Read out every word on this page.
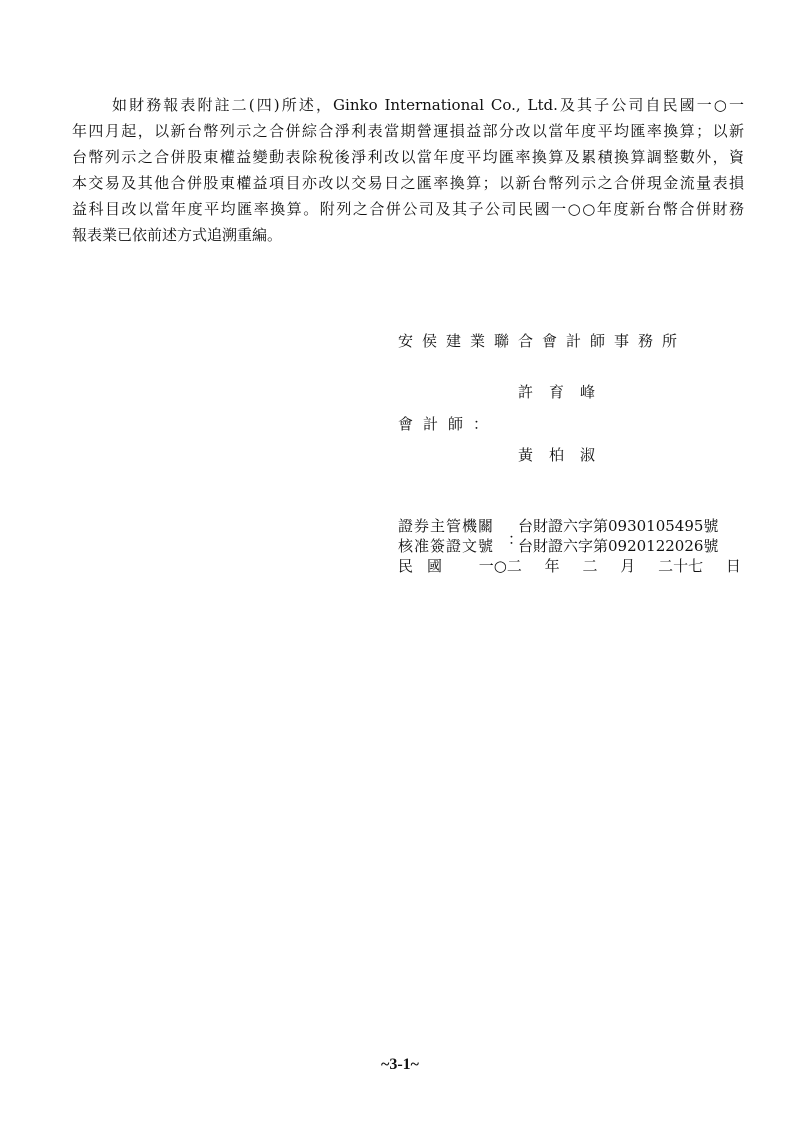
如財務報表附註二(四)所述，Ginko International Co., Ltd.及其子公司自民國一○一
年四月起，以新台幣列示之合併綜合淨利表當期營運損益部分改以當年度平均匯率換算；以新
台幣列示之合併股東權益變動表除稅後淨利改以當年度平均匯率換算及累積換算調整數外，資
本交易及其他合併股東權益項目亦改以交易日之匯率換算；以新台幣列示之合併現金流量表損
益科目改以當年度平均匯率換算。附列之合併公司及其子公司民國一○○年度新台幣合併財務
報表業已依前述方式追溯重編。
安侯建業聯合會計師事務所
許育峰
會計師：
黃柏淑
證券主管機關 台財證六字第0930105495號
核准簽證文號 台財證六字第0920122026號
：
民國 一○二 年 二 月 二十七 日
~3-1~
